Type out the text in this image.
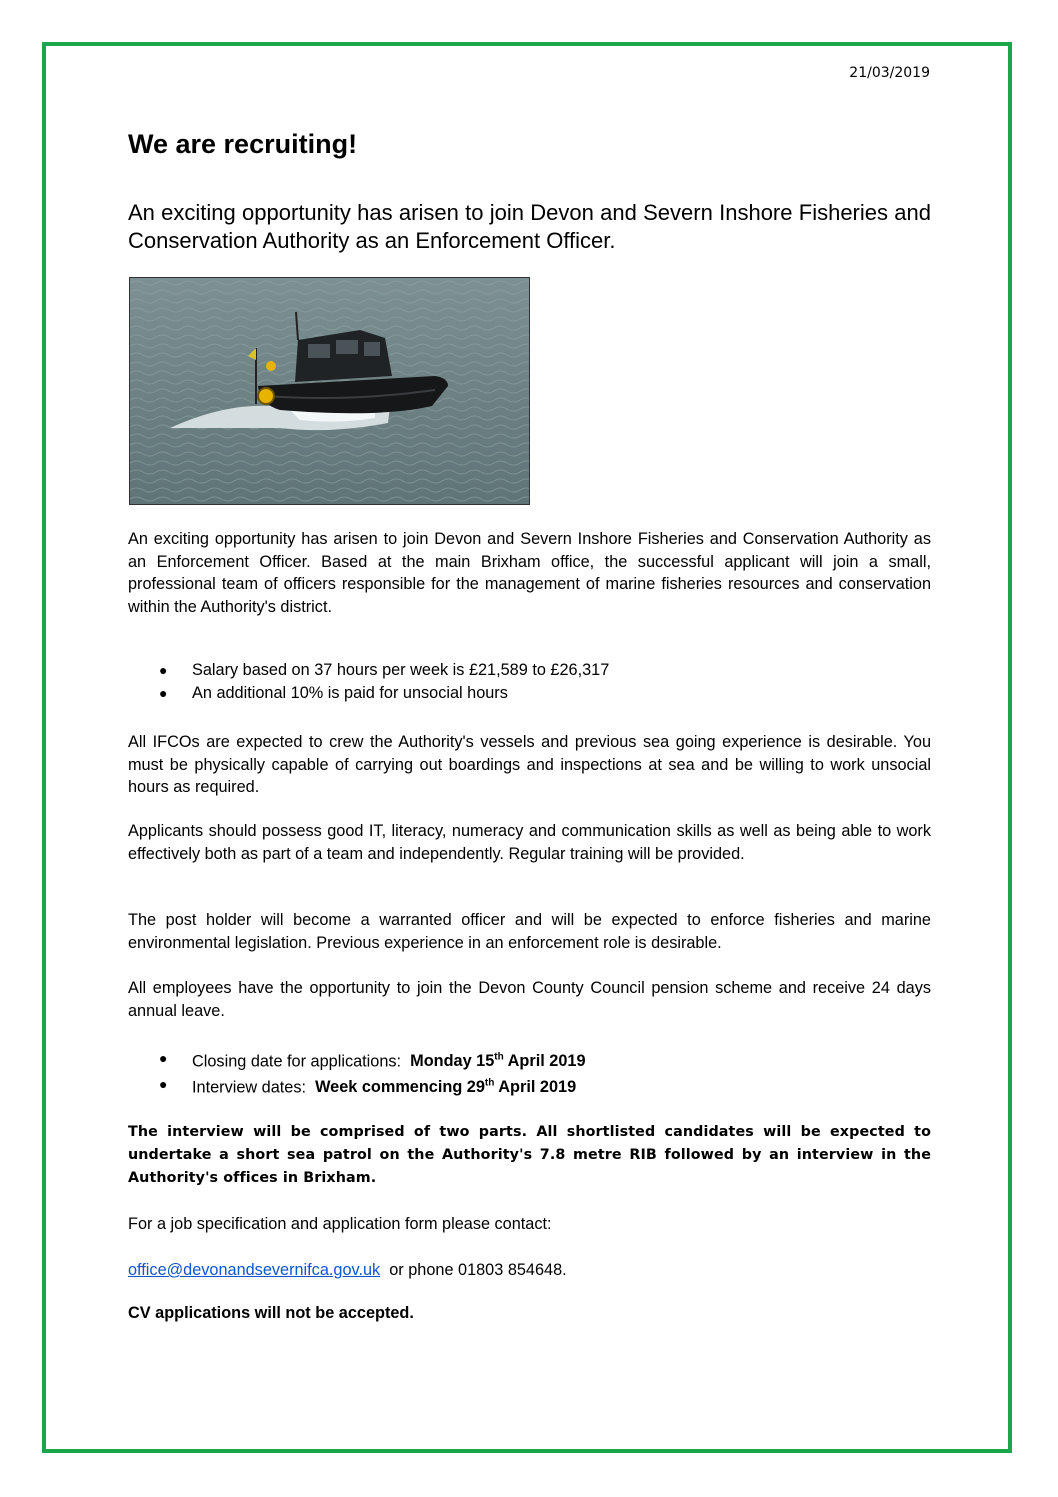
21/03/2019
We are recruiting!

An exciting opportunity has arisen to join Devon and Severn Inshore Fisheries and Conservation Authority as an Enforcement Officer.

An exciting opportunity has arisen to join Devon and Severn Inshore Fisheries and Conservation Authority as an Enforcement Officer. Based at the main Brixham office, the successful applicant will join a small, professional team of officers responsible for the management of marine fisheries resources and conservation within the Authority's district.

● Salary based on 37 hours per week is £21,589 to £26,317
● An additional 10% is paid for unsocial hours

All IFCOs are expected to crew the Authority's vessels and previous sea going experience is desirable. You must be physically capable of carrying out boardings and inspections at sea and be willing to work unsocial hours as required.

Applicants should possess good IT, literacy, numeracy and communication skills as well as being able to work effectively both as part of a team and independently. Regular training will be provided.

The post holder will become a warranted officer and will be expected to enforce fisheries and marine environmental legislation. Previous experience in an enforcement role is desirable.

All employees have the opportunity to join the Devon County Council pension scheme and receive 24 days annual leave.

● Closing date for applications: Monday 15th April 2019
● Interview dates: Week commencing 29th April 2019

The interview will be comprised of two parts. All shortlisted candidates will be expected to undertake a short sea patrol on the Authority's 7.8 metre RIB followed by an interview in the Authority's offices in Brixham.

For a job specification and application form please contact:

office@devonandsevernifca.gov.uk  or phone 01803 854648.

CV applications will not be accepted.
